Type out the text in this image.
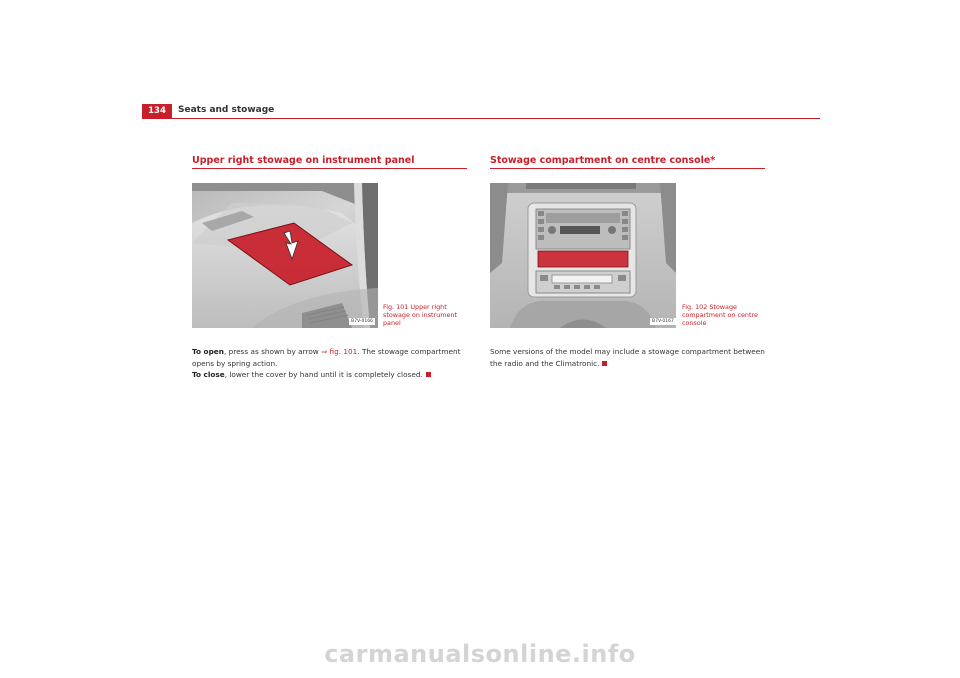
134	Seats and stowage
Upper right stowage on instrument panel
B7V-0166
Fig. 101 Upper right stowage on instrument panel
To open, press as shown by arrow ⇒ fig. 101. The stowage compartment opens by spring action.
To close, lower the cover by hand until it is completely closed.
Stowage compartment on centre console*
B7V-0167
Fig. 102 Stowage compartment on centre console
Some versions of the model may include a stowage compartment between the radio and the Climatronic.
carmanualsonline.info
